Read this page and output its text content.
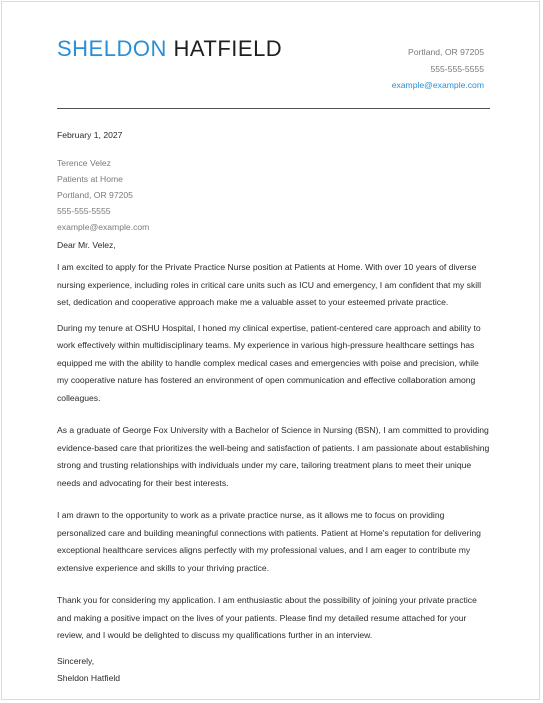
SHELDON HATFIELD	Portland, OR 97205
555-555-5555
example@example.com
February 1, 2027
Terence Velez
Patients at Home
Portland, OR 97205
555-555-5555
example@example.com
Dear Mr. Velez,
I am excited to apply for the Private Practice Nurse position at Patients at Home. With over 10 years of diverse nursing experience, including roles in critical care units such as ICU and emergency, I am confident that my skill set, dedication and cooperative approach make me a valuable asset to your esteemed private practice.
During my tenure at OSHU Hospital, I honed my clinical expertise, patient-centered care approach and ability to work effectively within multidisciplinary teams. My experience in various high-pressure healthcare settings has equipped me with the ability to handle complex medical cases and emergencies with poise and precision, while my cooperative nature has fostered an environment of open communication and effective collaboration among colleagues.
As a graduate of George Fox University with a Bachelor of Science in Nursing (BSN), I am committed to providing evidence-based care that prioritizes the well-being and satisfaction of patients. I am passionate about establishing strong and trusting relationships with individuals under my care, tailoring treatment plans to meet their unique needs and advocating for their best interests.
I am drawn to the opportunity to work as a private practice nurse, as it allows me to focus on providing personalized care and building meaningful connections with patients. Patient at Home's reputation for delivering exceptional healthcare services aligns perfectly with my professional values, and I am eager to contribute my extensive experience and skills to your thriving practice.
Thank you for considering my application. I am enthusiastic about the possibility of joining your private practice and making a positive impact on the lives of your patients. Please find my detailed resume attached for your review, and I would be delighted to discuss my qualifications further in an interview.
Sincerely,
Sheldon Hatfield
